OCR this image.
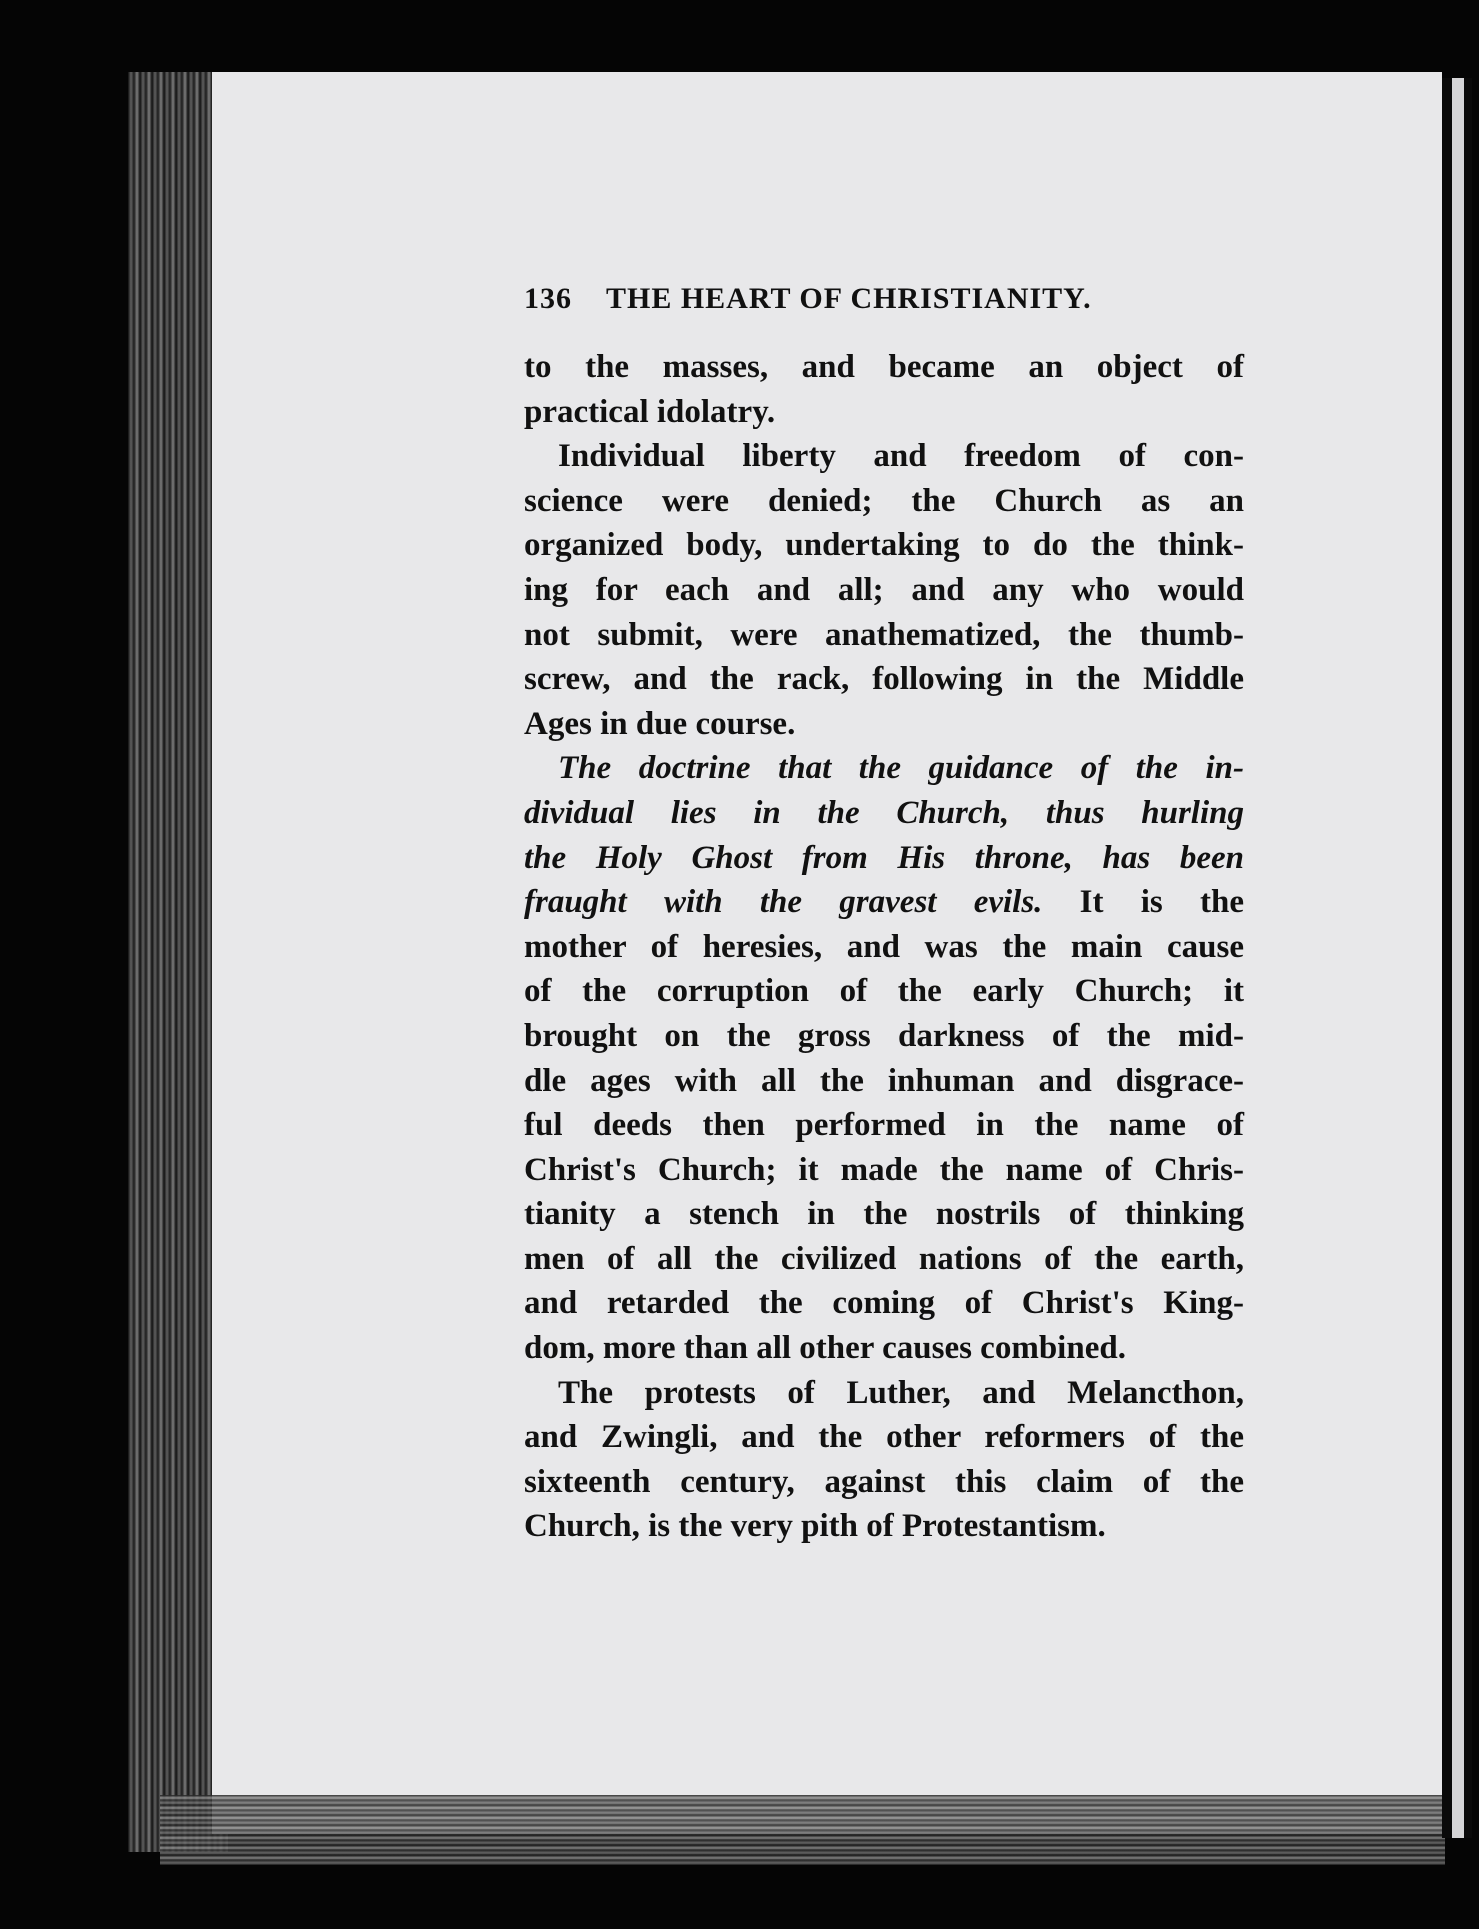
136 THE HEART OF CHRISTIANITY.
to the masses, and became an object of
practical idolatry.
Individual liberty and freedom of con-
science were denied; the Church as an
organized body, undertaking to do the think-
ing for each and all; and any who would
not submit, were anathematized, the thumb-
screw, and the rack, following in the Middle
Ages in due course.
The doctrine that the guidance of the in-
dividual lies in the Church, thus hurling
the Holy Ghost from His throne, has been
fraught with the gravest evils. It is the
mother of heresies, and was the main cause
of the corruption of the early Church; it
brought on the gross darkness of the mid-
dle ages with all the inhuman and disgrace-
ful deeds then performed in the name of
Christ's Church; it made the name of Chris-
tianity a stench in the nostrils of thinking
men of all the civilized nations of the earth,
and retarded the coming of Christ's King-
dom, more than all other causes combined.
The protests of Luther, and Melancthon,
and Zwingli, and the other reformers of the
sixteenth century, against this claim of the
Church, is the very pith of Protestantism.
